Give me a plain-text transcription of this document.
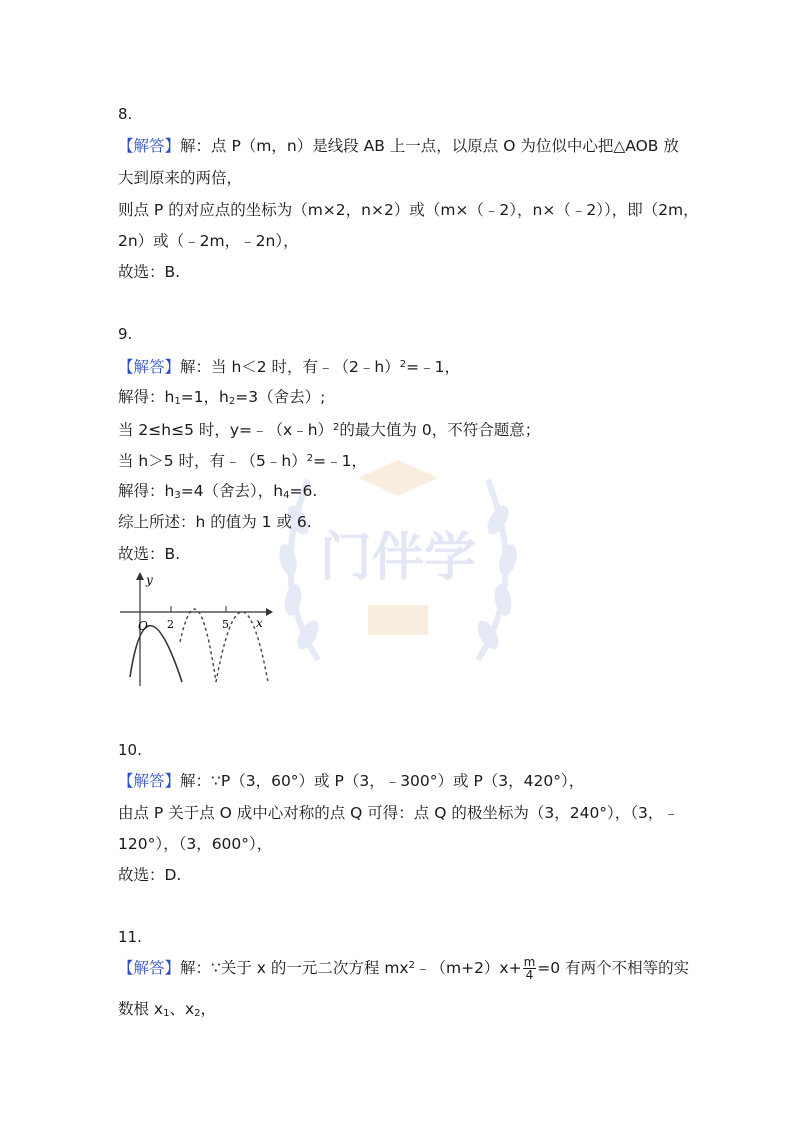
门伴学
8.
【解答】解：点 P（m，n）是线段 AB 上一点，以原点 O 为位似中心把△AOB 放
大到原来的两倍，
则点 P 的对应点的坐标为（m×2，n×2）或（m×（﹣2），n×（﹣2）），即（2m，
2n）或（﹣2m，﹣2n），
故选：B.
9.
【解答】解：当 h＜2 时，有﹣（2﹣h）$^2$=﹣1，
解得：$h_1=1$，$h_2=3$（舍去）;
当 2≤h≤5 时，y=﹣（x﹣h）$^2$的最大值为 0，不符合题意；
当 h＞5 时，有﹣（5﹣h）$^2$=﹣1，
解得：$h_3=4$（舍去），$h_4=6$.
综上所述：h 的值为 1 或 6.
故选：B.
y
x
O 2	5
10.
【解答】解：∵P（3，60°）或 P（3，﹣300°）或 P（3，420°），
由点 P 关于点 O 成中心对称的点 Q 可得：点 Q 的极坐标为（3，240°），（3，﹣
120°），（3，600°），
故选：D.
11.
【解答】解：∵关于 x 的一元二次方程 $mx^2﹣(m+2)x+ \frac{m}{4} =0$ 有两个不相等的实
数根 $x_1$、$x_2$，
